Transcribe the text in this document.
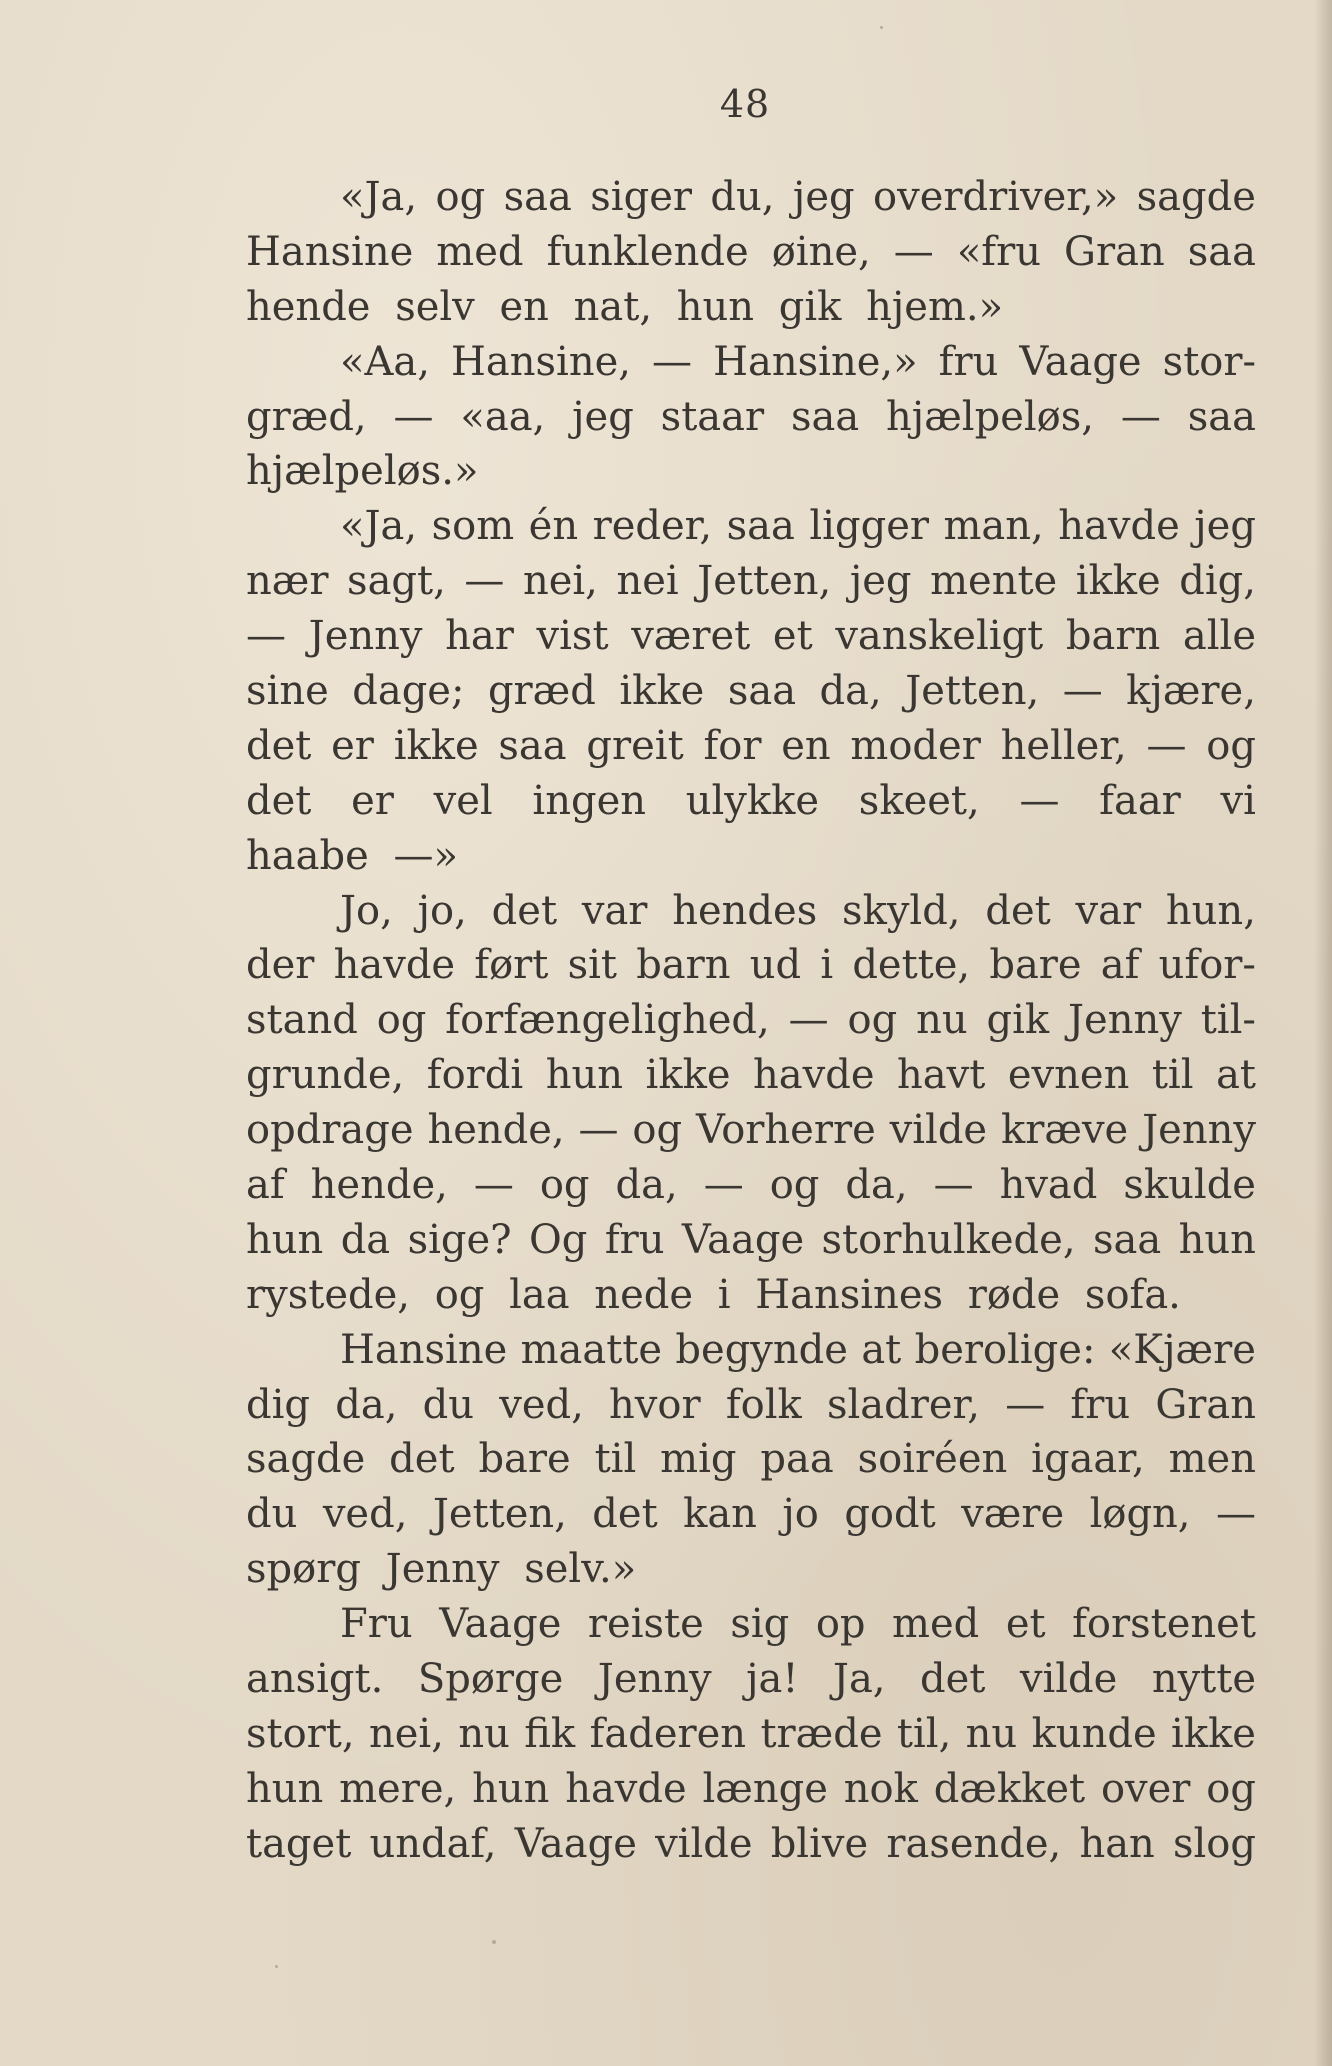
48
«Ja, og saa siger du, jeg overdriver,» sagde
Hansine med funklende øine, — «fru Gran saa
hende selv en nat, hun gik hjem.»
«Aa, Hansine, — Hansine,» fru Vaage stor-
græd, — «aa, jeg staar saa hjælpeløs, — saa
hjælpeløs.»
«Ja, som én reder, saa ligger man, havde jeg
nær sagt, — nei, nei Jetten, jeg mente ikke dig,
— Jenny har vist været et vanskeligt barn alle
sine dage; græd ikke saa da, Jetten, — kjære,
det er ikke saa greit for en moder heller, — og
det er vel ingen ulykke skeet, — faar vi
haabe —»
Jo, jo, det var hendes skyld, det var hun,
der havde ført sit barn ud i dette, bare af ufor-
stand og forfængelighed, — og nu gik Jenny til-
grunde, fordi hun ikke havde havt evnen til at
opdrage hende, — og Vorherre vilde kræve Jenny
af hende, — og da, — og da, — hvad skulde
hun da sige? Og fru Vaage storhulkede, saa hun
rystede, og laa nede i Hansines røde sofa.
Hansine maatte begynde at berolige: «Kjære
dig da, du ved, hvor folk sladrer, — fru Gran
sagde det bare til mig paa soiréen igaar, men
du ved, Jetten, det kan jo godt være løgn, —
spørg Jenny selv.»
Fru Vaage reiste sig op med et forstenet
ansigt. Spørge Jenny ja! Ja, det vilde nytte
stort, nei, nu fik faderen træde til, nu kunde ikke
hun mere, hun havde længe nok dækket over og
taget undaf, Vaage vilde blive rasende, han slog
